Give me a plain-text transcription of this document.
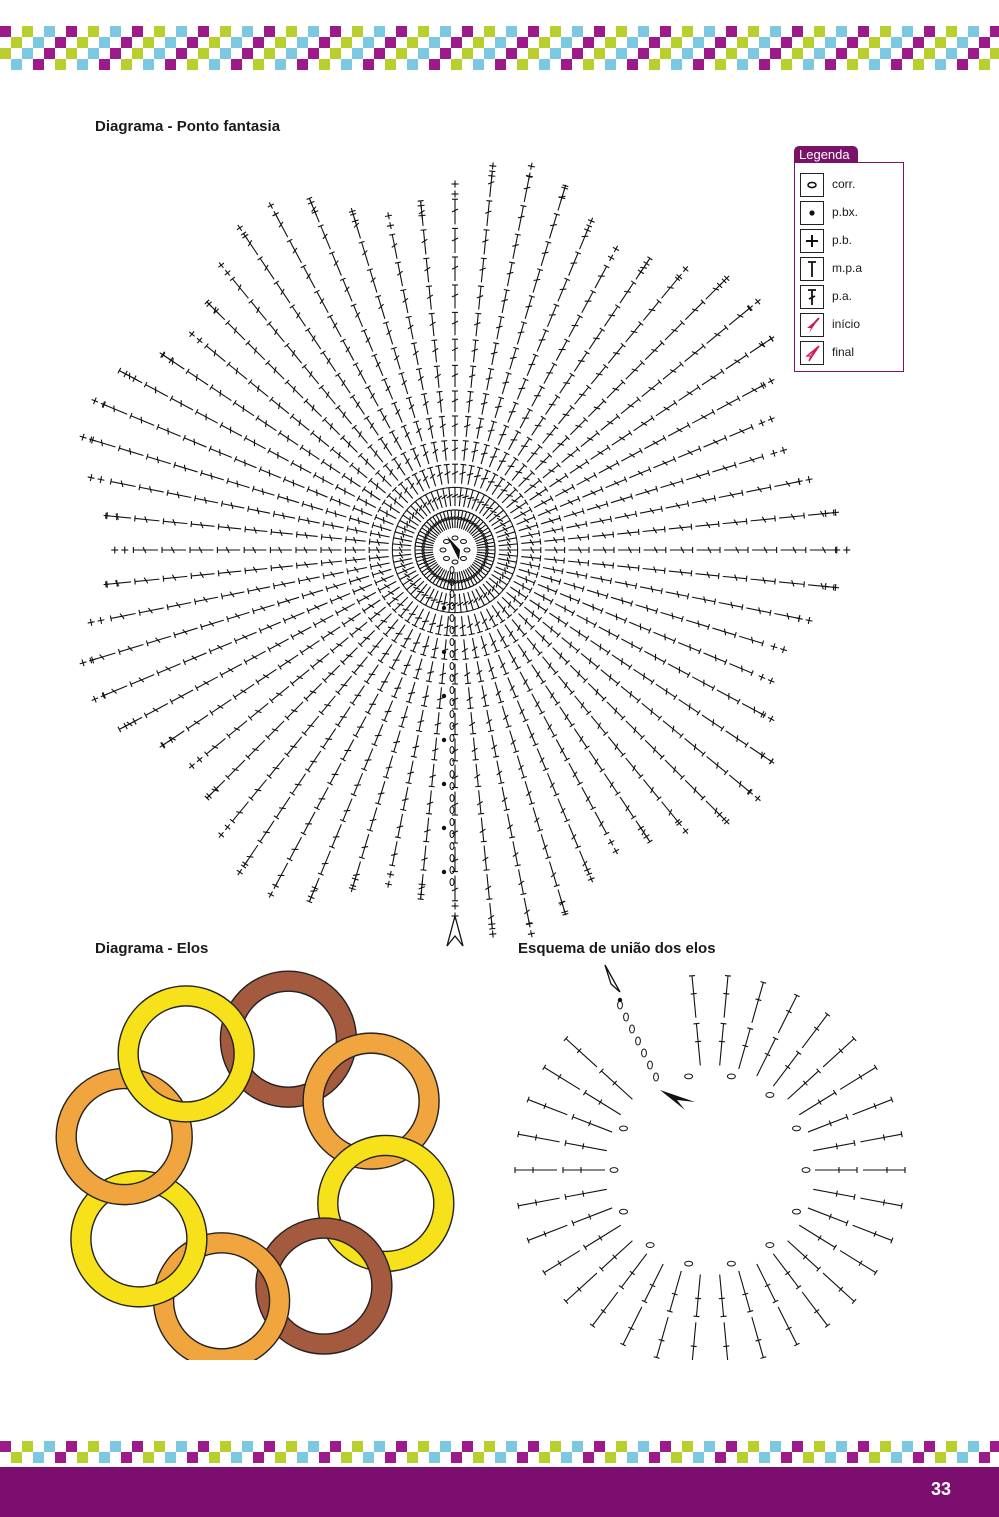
Diagrama - Ponto fantasia
Diagrama - Elos	Esquema de união dos elos
Legenda
corr.
p.bx.
p.b.
m.p.a
p.a.
início
final
33
